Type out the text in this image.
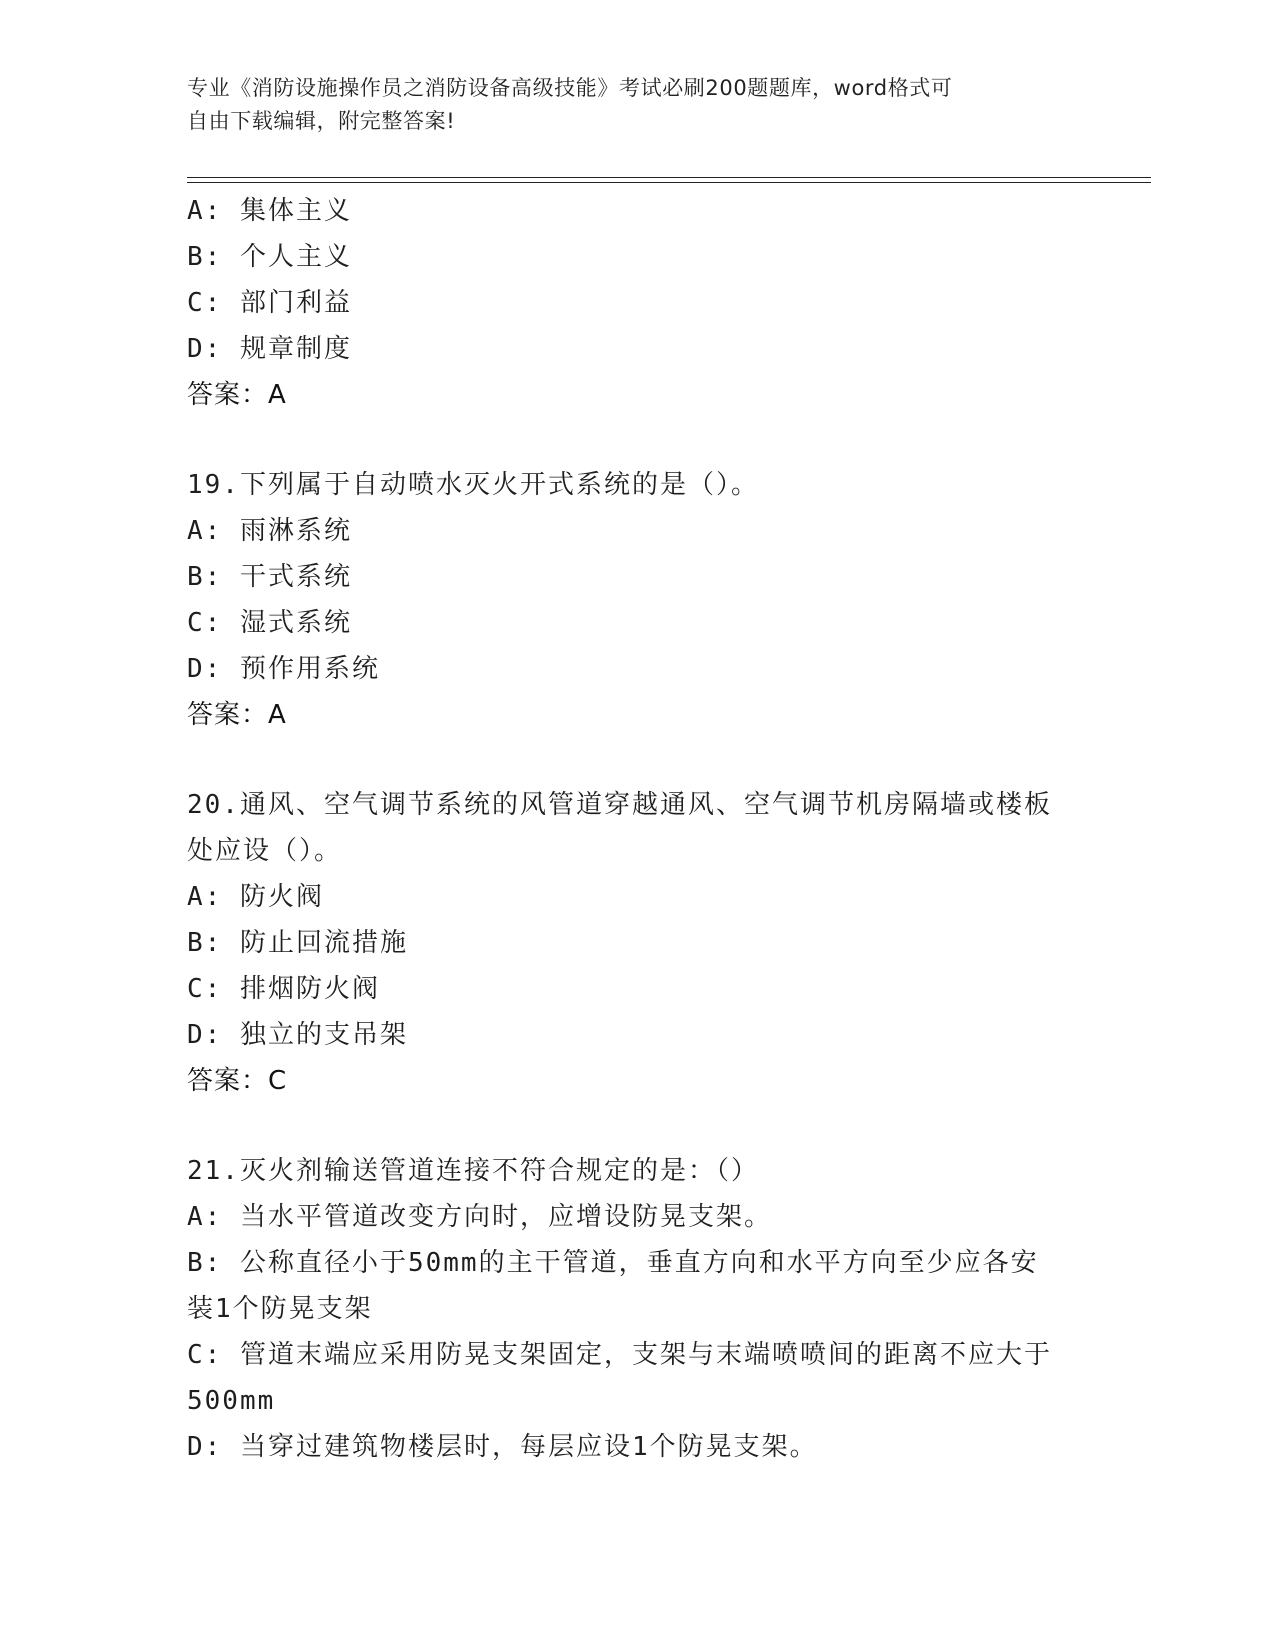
专业《消防设施操作员之消防设备高级技能》考试必刷200题题库，word格式可
自由下载编辑，附完整答案!
A: 集体主义
B: 个人主义
C: 部门利益
D: 规章制度
答案：A
19.下列属于自动喷水灭火开式系统的是（）。
A: 雨淋系统
B: 干式系统
C: 湿式系统
D: 预作用系统
答案：A
20.通风、空气调节系统的风管道穿越通风、空气调节机房隔墙或楼板
处应设（）。
A: 防火阀
B: 防止回流措施
C: 排烟防火阀
D: 独立的支吊架
答案：C
21.灭火剂输送管道连接不符合规定的是：（）
A: 当水平管道改变方向时，应增设防晃支架。
B: 公称直径小于50mm的主干管道，垂直方向和水平方向至少应各安
装1个防晃支架
C: 管道末端应采用防晃支架固定，支架与末端喷喷间的距离不应大于
500mm
D: 当穿过建筑物楼层时，每层应设1个防晃支架。
